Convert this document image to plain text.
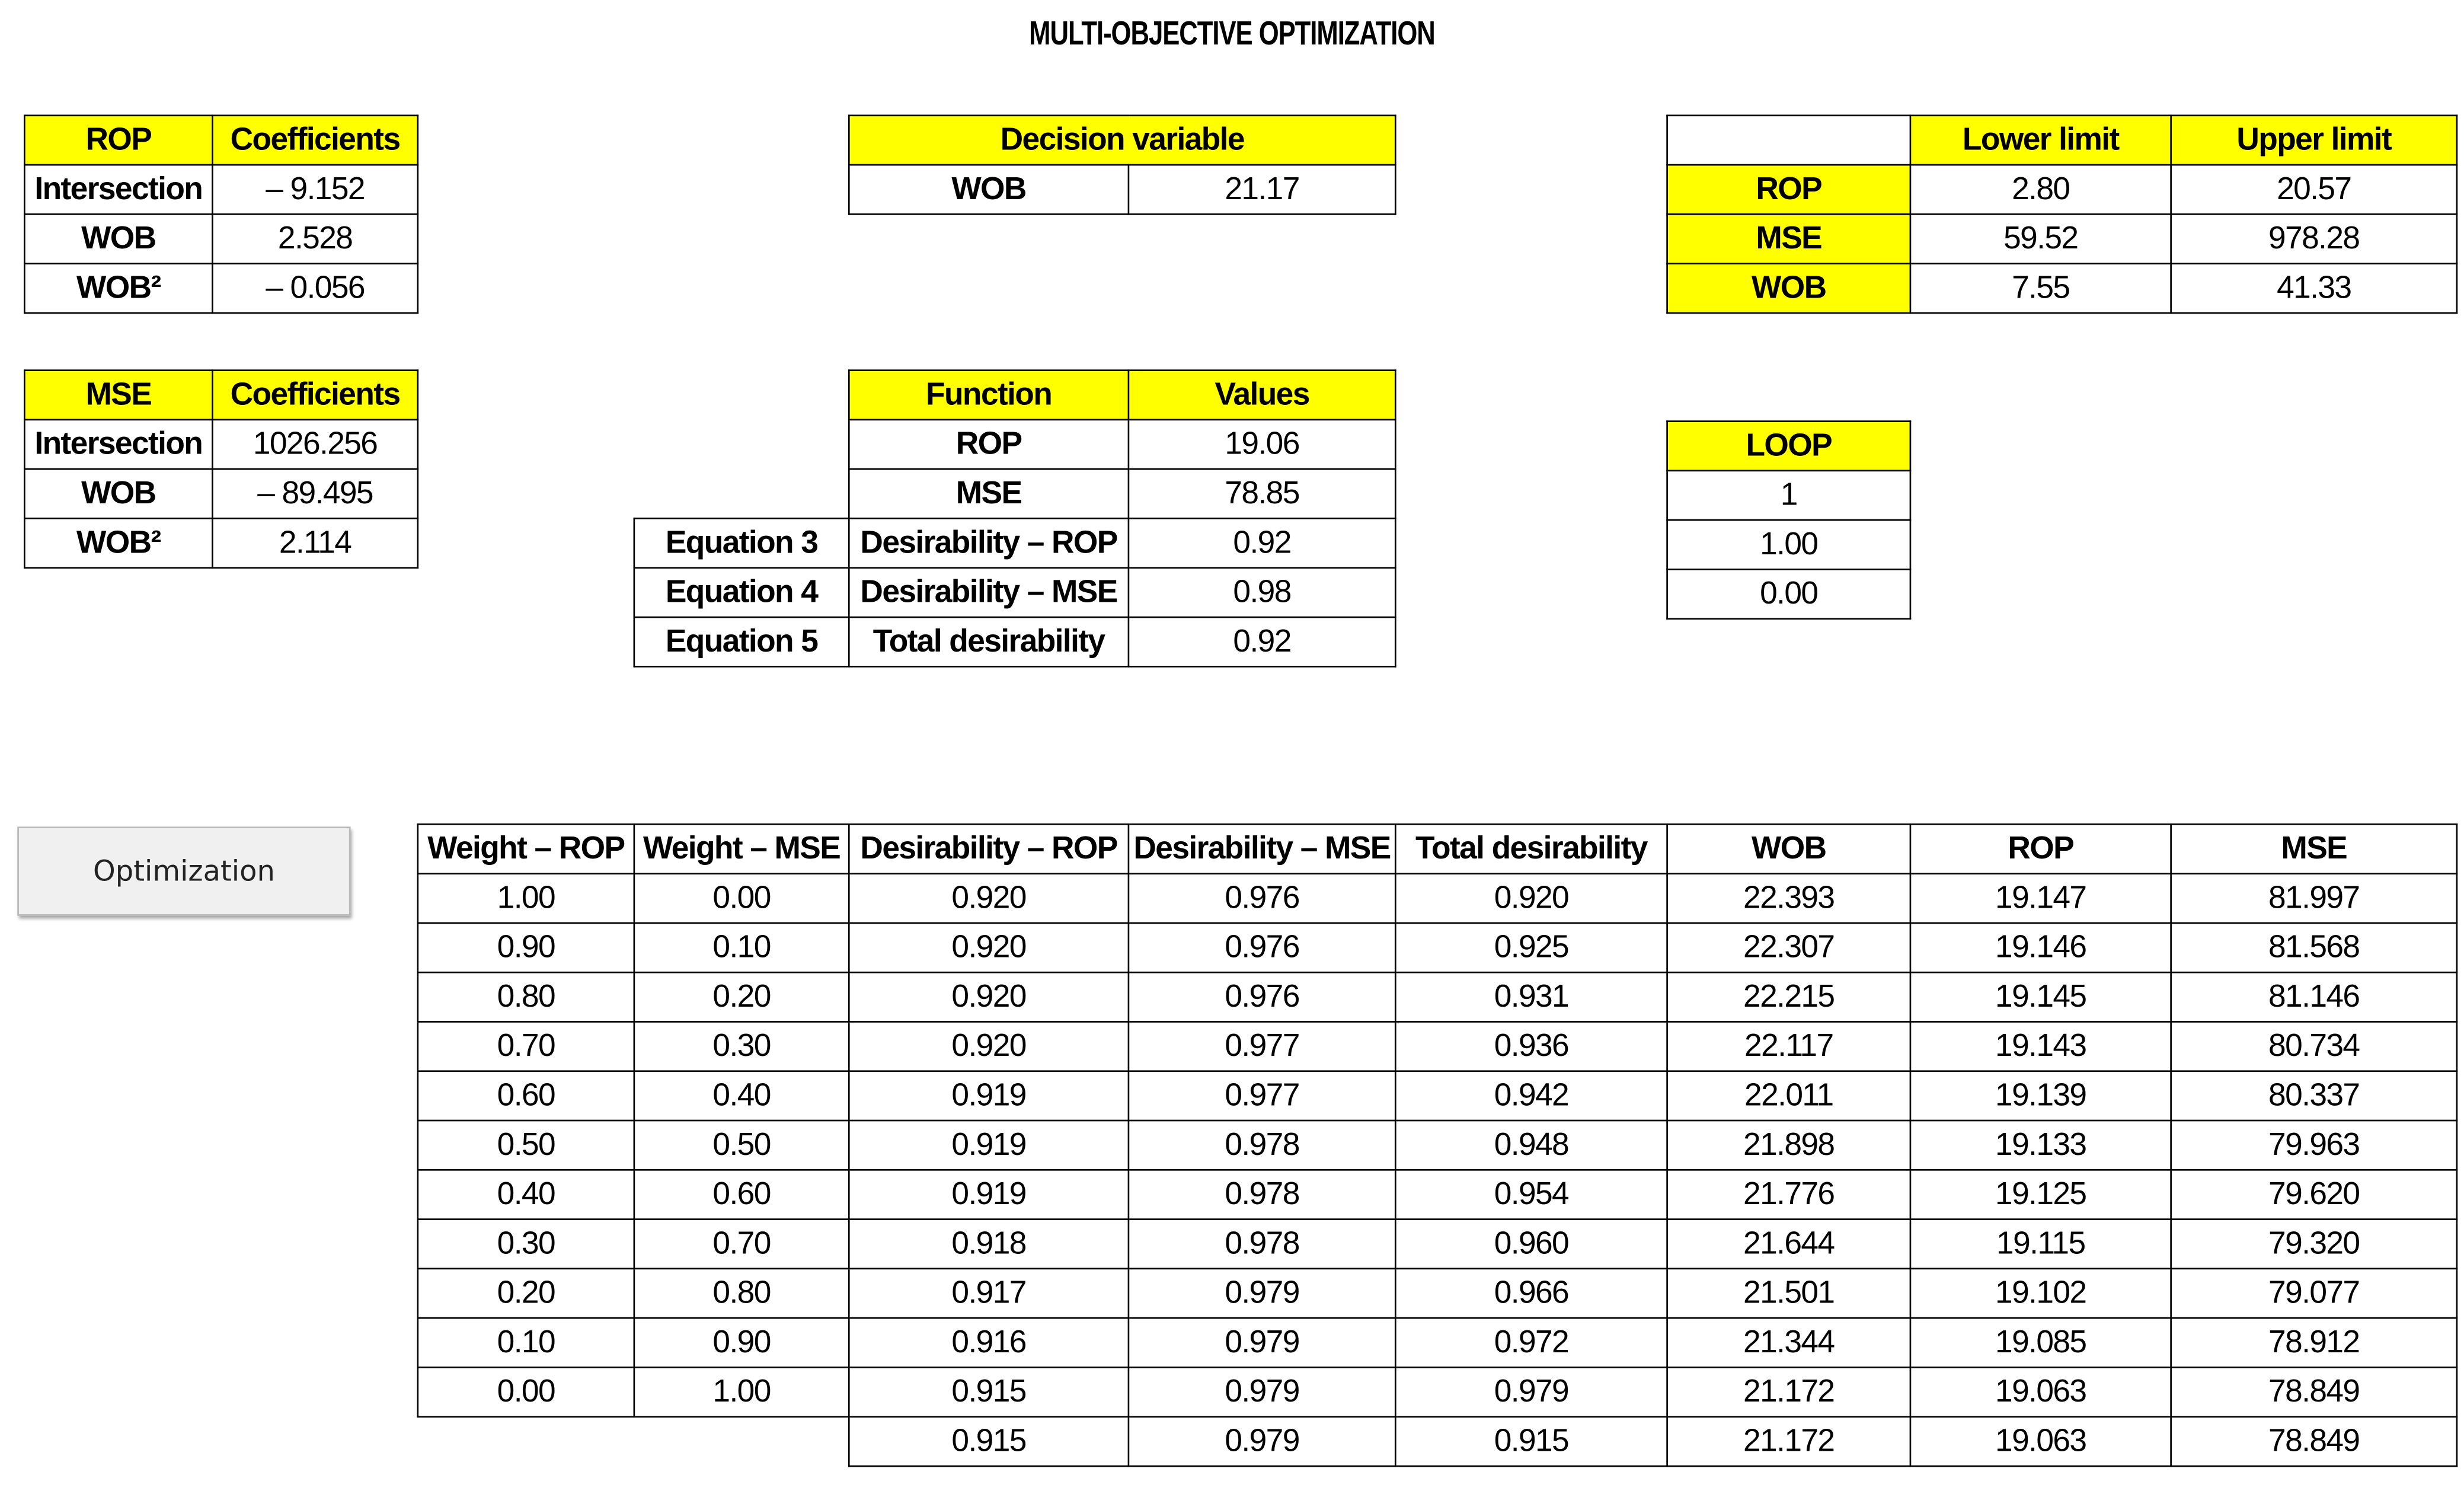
MULTI-OBJECTIVE OPTIMIZATION
ROP	Coefficients
Intersection	– 9.152
WOB	2.528
WOB²	– 0.056
MSE	Coefficients
Intersection	1026.256
WOB	– 89.495
WOB²	2.114
Decision variable
WOB	21.17
	Lower limit	Upper limit
ROP	2.80	20.57
MSE	59.52	978.28
WOB	7.55	41.33
	Function	Values
	ROP	19.06
	MSE	78.85
Equation 3	Desirability – ROP	0.92
Equation 4	Desirability – MSE	0.98
Equation 5	Total desirability	0.92
LOOP
1
1.00
0.00
Optimization
Weight – ROP	Weight – MSE	Desirability – ROP	Desirability – MSE	Total desirability	WOB	ROP	MSE
1.00	0.00	0.920	0.976	0.920	22.393	19.147	81.997
0.90	0.10	0.920	0.976	0.925	22.307	19.146	81.568
0.80	0.20	0.920	0.976	0.931	22.215	19.145	81.146
0.70	0.30	0.920	0.977	0.936	22.117	19.143	80.734
0.60	0.40	0.919	0.977	0.942	22.011	19.139	80.337
0.50	0.50	0.919	0.978	0.948	21.898	19.133	79.963
0.40	0.60	0.919	0.978	0.954	21.776	19.125	79.620
0.30	0.70	0.918	0.978	0.960	21.644	19.115	79.320
0.20	0.80	0.917	0.979	0.966	21.501	19.102	79.077
0.10	0.90	0.916	0.979	0.972	21.344	19.085	78.912
0.00	1.00	0.915	0.979	0.979	21.172	19.063	78.849
		0.915	0.979	0.915	21.172	19.063	78.849
